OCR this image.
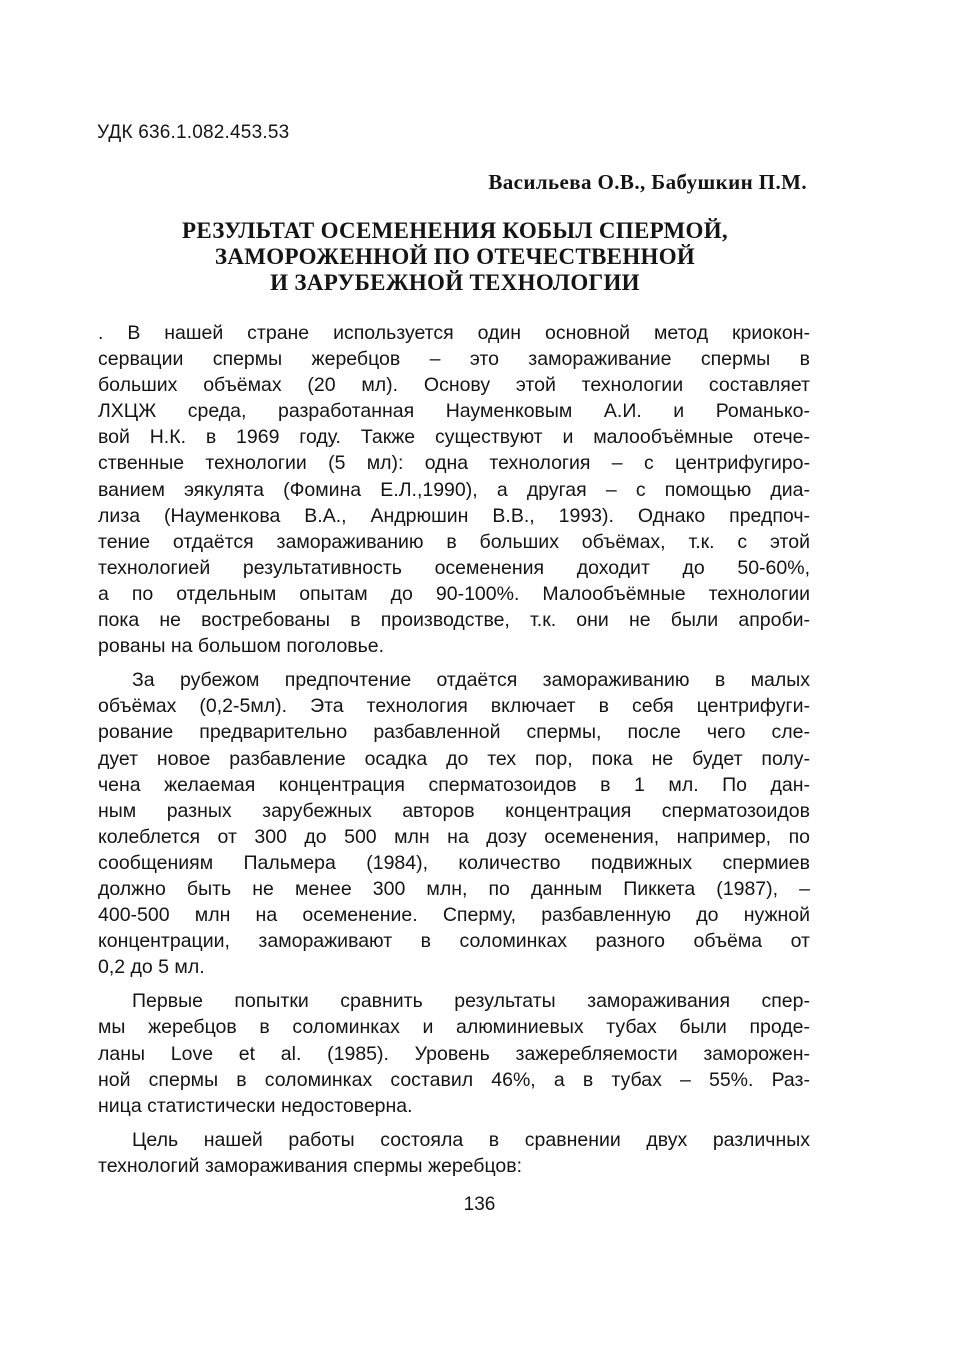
УДК 636.1.082.453.53
Васильева О.В., Бабушкин П.М.
РЕЗУЛЬТАТ ОСЕМЕНЕНИЯ КОБЫЛ СПЕРМОЙ,
ЗАМОРОЖЕННОЙ ПО ОТЕЧЕСТВЕННОЙ
И ЗАРУБЕЖНОЙ ТЕХНОЛОГИИ
. В нашей стране используется один основной метод криокон-
сервации спермы жеребцов – это замораживание спермы в
больших объёмах (20 мл). Основу этой технологии составляет
ЛХЦЖ среда, разработанная Науменковым А.И. и Романько-
вой Н.К. в 1969 году. Также существуют и малообъёмные отече-
ственные технологии (5 мл): одна технология – с центрифугиро-
ванием эякулята (Фомина Е.Л.,1990), а другая – с помощью диа-
лиза (Науменкова В.А., Андрюшин В.В., 1993). Однако предпоч-
тение отдаётся замораживанию в больших объёмах, т.к. с этой
технологией результативность осеменения доходит до 50-60%,
а по отдельным опытам до 90-100%. Малообъёмные технологии
пока не востребованы в производстве, т.к. они не были апроби-
рованы на большом поголовье.
За рубежом предпочтение отдаётся замораживанию в малых
объёмах (0,2-5мл). Эта технология включает в себя центрифуги-
рование предварительно разбавленной спермы, после чего сле-
дует новое разбавление осадка до тех пор, пока не будет полу-
чена желаемая концентрация сперматозоидов в 1 мл. По дан-
ным разных зарубежных авторов концентрация сперматозоидов
колеблется от 300 до 500 млн на дозу осеменения, например, по
сообщениям Пальмера (1984), количество подвижных спермиев
должно быть не менее 300 млн, по данным Пиккета (1987), –
400-500 млн на осеменение. Сперму, разбавленную до нужной
концентрации, замораживают в соломинках разного объёма от
0,2 до 5 мл.
Первые попытки сравнить результаты замораживания спер-
мы жеребцов в соломинках и алюминиевых тубах были проде-
ланы Love et al. (1985). Уровень зажеребляемости заморожен-
ной спермы в соломинках составил 46%, а в тубах – 55%. Раз-
ница статистически недостоверна.
Цель нашей работы состояла в сравнении двух различных
технологий замораживания спермы жеребцов:
136
